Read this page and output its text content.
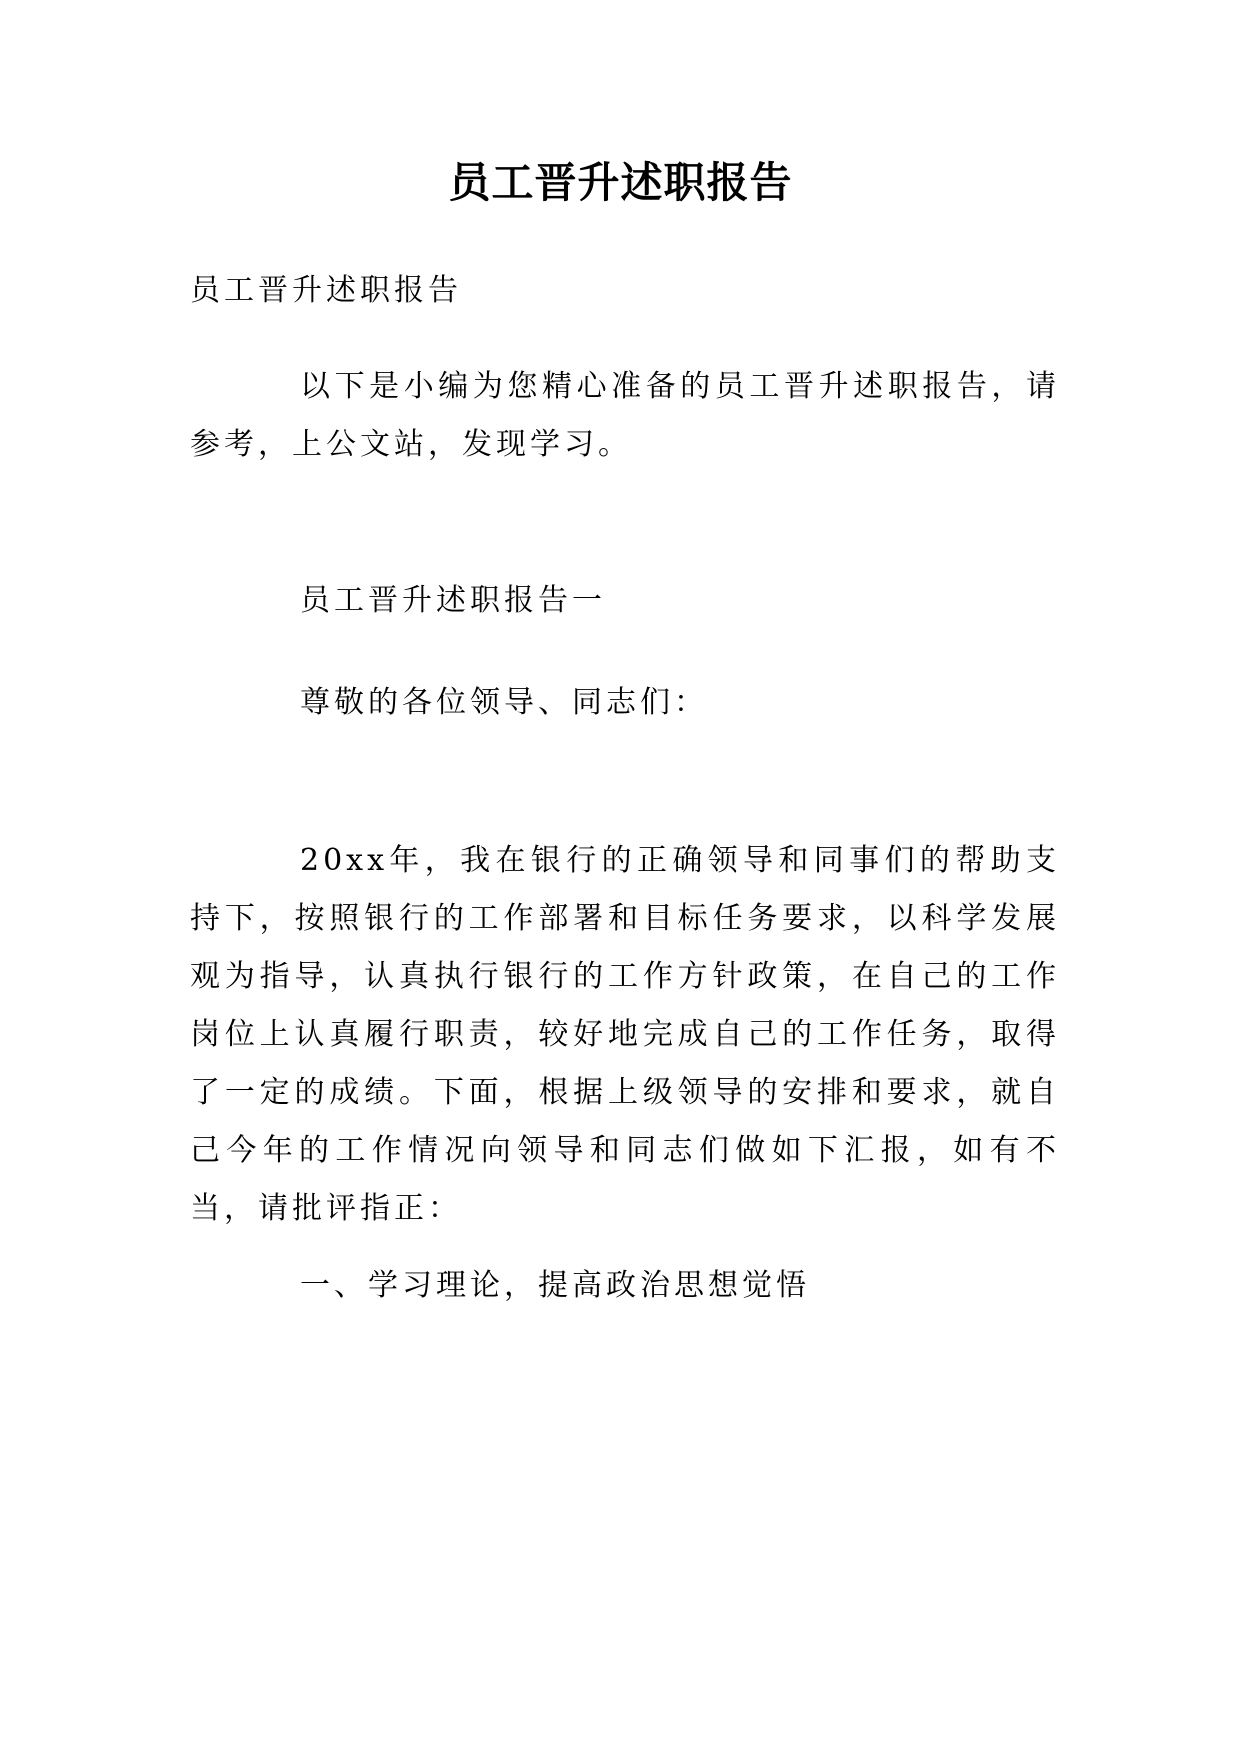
员工晋升述职报告

员工晋升述职报告

以下是小编为您精心准备的员工晋升述职报告，请参考，上公文站，发现学习。

员工晋升述职报告一

尊敬的各位领导、同志们：

20xx年，我在银行的正确领导和同事们的帮助支持下，按照银行的工作部署和目标任务要求，以科学发展观为指导，认真执行银行的工作方针政策，在自己的工作岗位上认真履行职责，较好地完成自己的工作任务，取得了一定的成绩。下面，根据上级领导的安排和要求，就自己今年的工作情况向领导和同志们做如下汇报，如有不当，请批评指正：

一、学习理论，提高政治思想觉悟
